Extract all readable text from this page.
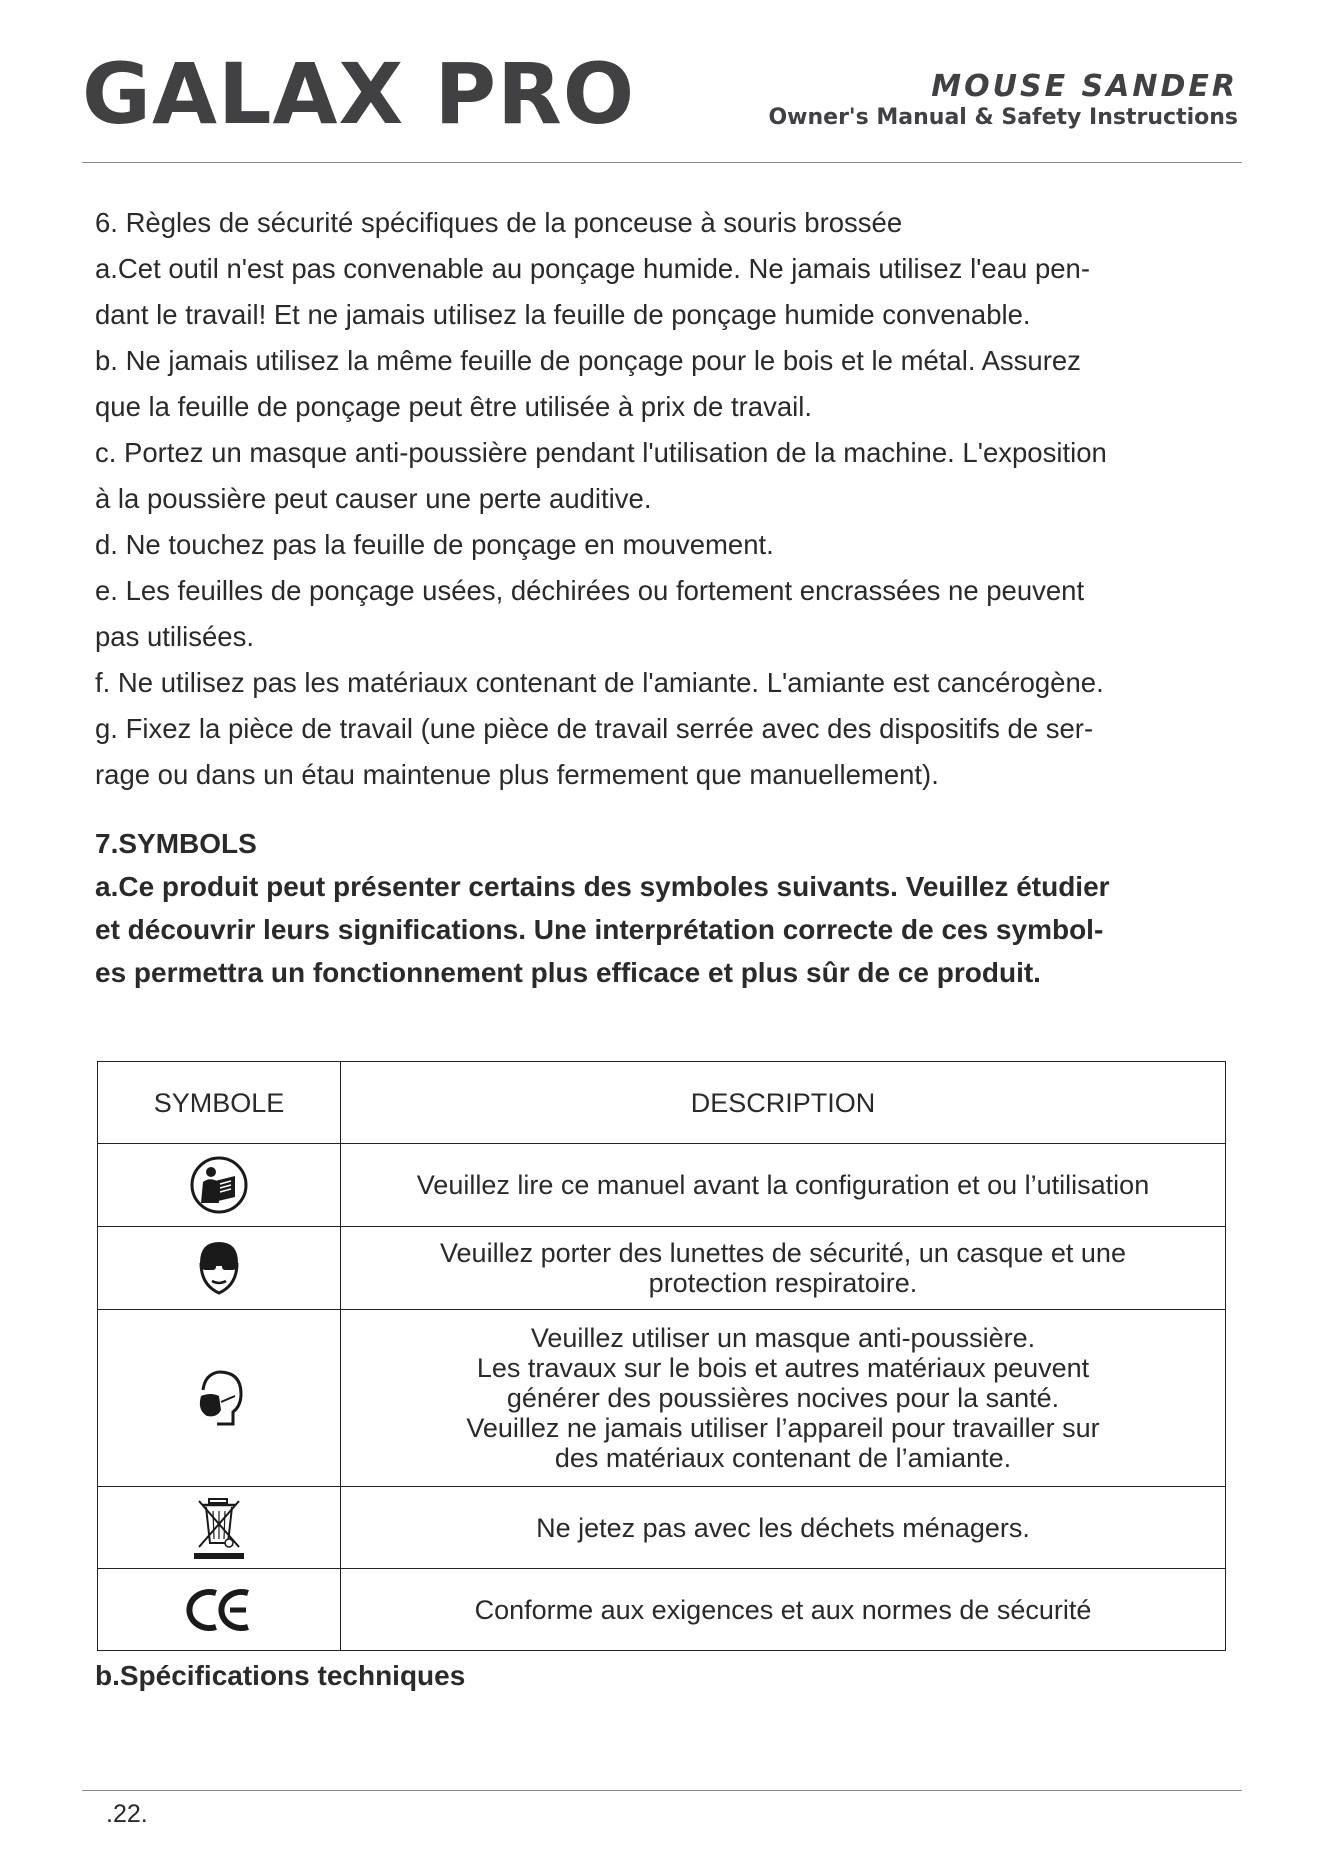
GALAX PRO	MOUSE SANDER
Owner's Manual & Safety Instructions

6. Règles de sécurité spécifiques de la ponceuse à souris brossée

a.Cet outil n'est pas convenable au ponçage humide. Ne jamais utilisez l'eau pen-

dant le travail! Et ne jamais utilisez la feuille de ponçage humide convenable.

b. Ne jamais utilisez la même feuille de ponçage pour le bois et le métal. Assurez

que la feuille de ponçage peut être utilisée à prix de travail.

c. Portez un masque anti-poussière pendant l'utilisation de la machine. L'exposition

à la poussière peut causer une perte auditive.

d. Ne touchez pas la feuille de ponçage en mouvement.

e. Les feuilles de ponçage usées, déchirées ou fortement encrassées ne peuvent

pas utilisées.

f. Ne utilisez pas les matériaux contenant de l'amiante. L'amiante est cancérogène.

g. Fixez la pièce de travail (une pièce de travail serrée avec des dispositifs de ser-

rage ou dans un étau maintenue plus fermement que manuellement).

7.SYMBOLS

a.Ce produit peut présenter certains des symboles suivants. Veuillez étudier

et découvrir leurs significations. Une interprétation correcte de ces symbol-

es permettra un fonctionnement plus efficace et plus sûr de ce produit.

SYMBOLE	DESCRIPTION

Veuillez lire ce manuel avant la configuration et ou l’utilisation

Veuillez porter des lunettes de sécurité, un casque et une
protection respiratoire.

Veuillez utiliser un masque anti-poussière.
Les travaux sur le bois et autres matériaux peuvent
générer des poussières nocives pour la santé.
Veuillez ne jamais utiliser l’appareil pour travailler sur
des matériaux contenant de l’amiante.

Ne jetez pas avec les déchets ménagers.

Conforme aux exigences et aux normes de sécurité
b.Spécifications techniques
.22.
